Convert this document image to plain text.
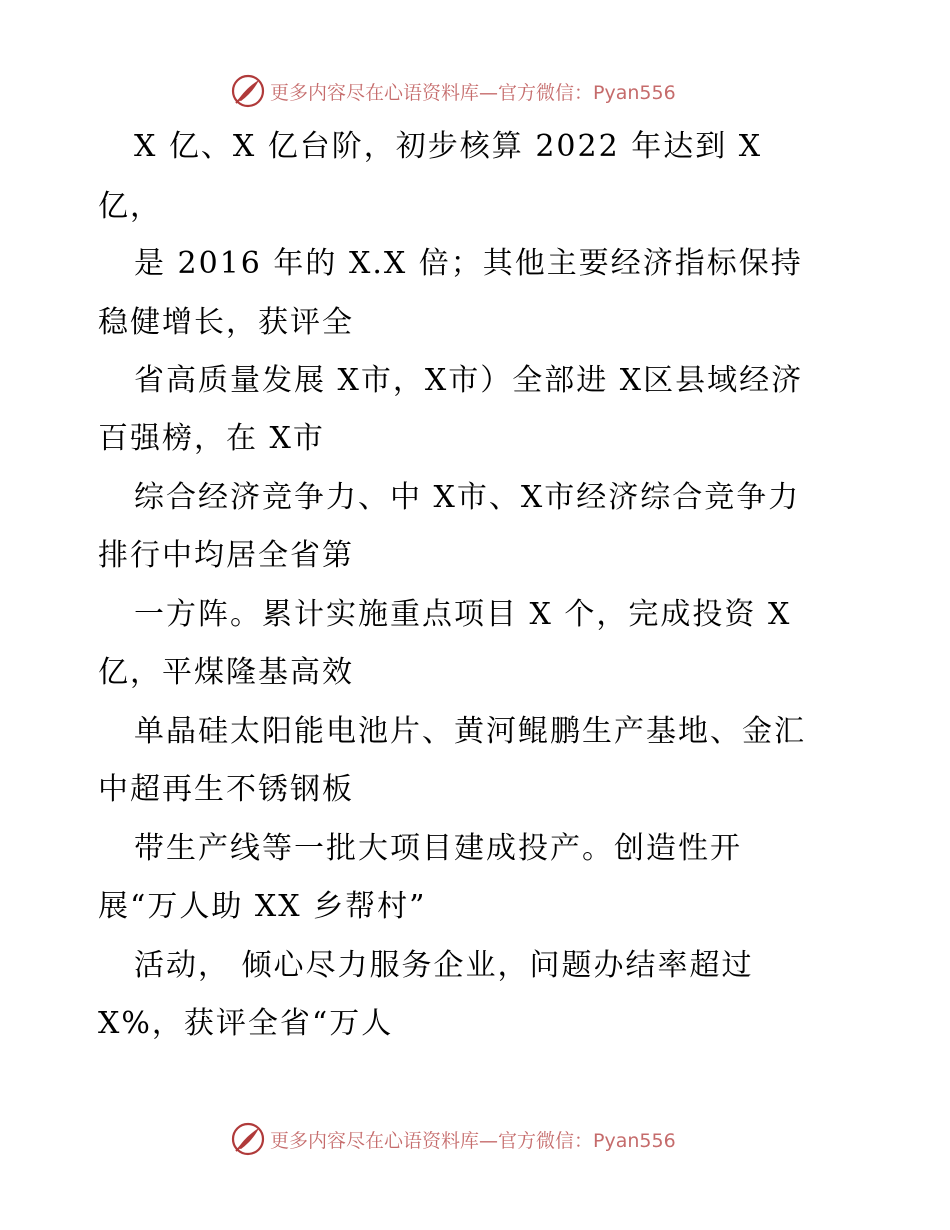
更多内容尽在心语资料库—官方微信：Pyan556
X 亿、X 亿台阶，初步核算 2022 年达到 X
亿，
是 2016 年的 X.X 倍；其他主要经济指标保持
稳健增长，获评全
省高质量发展 X市，X市）全部进 X区县域经济
百强榜，在 X市
综合经济竞争力、中 X市、X市经济综合竞争力
排行中均居全省第
一方阵。累计实施重点项目 X 个，完成投资 X
亿，平煤隆基高效
单晶硅太阳能电池片、黄河鲲鹏生产基地、金汇
中超再生不锈钢板
带生产线等一批大项目建成投产。创造性开
展“万人助 XX 乡帮村”
活动， 倾心尽力服务企业，问题办结率超过
X%，获评全省“万人
更多内容尽在心语资料库—官方微信：Pyan556
